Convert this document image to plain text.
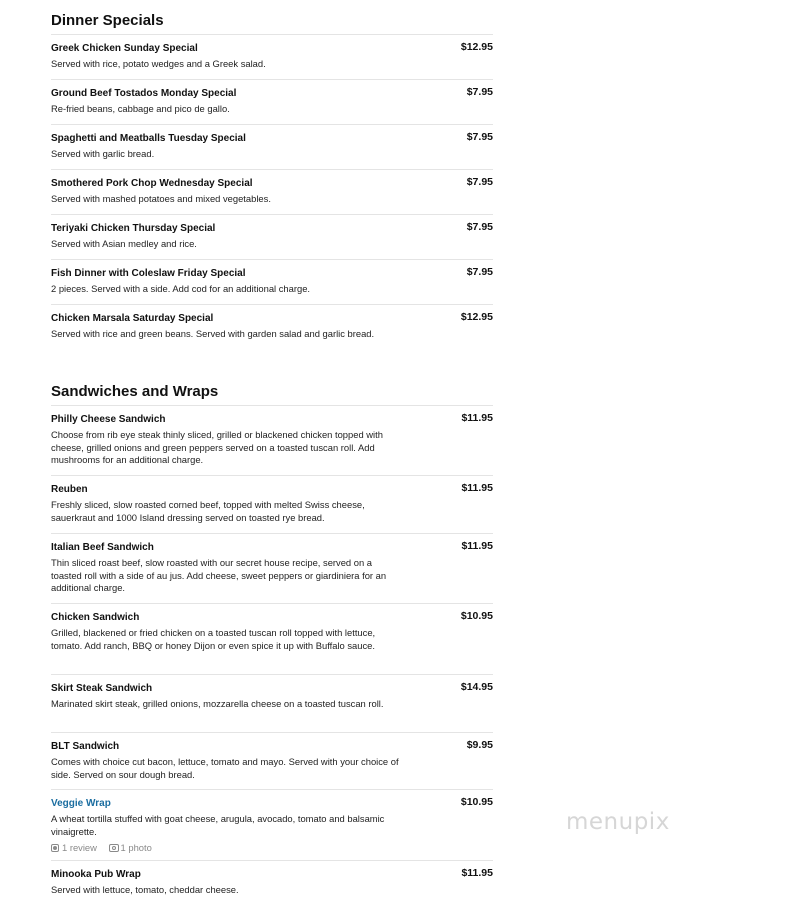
Dinner Specials
Greek Chicken Sunday Special	$12.95
Served with rice, potato wedges and a Greek salad.
Ground Beef Tostados Monday Special	$7.95
Re-fried beans, cabbage and pico de gallo.
Spaghetti and Meatballs Tuesday Special	$7.95
Served with garlic bread.
Smothered Pork Chop Wednesday Special	$7.95
Served with mashed potatoes and mixed vegetables.
Teriyaki Chicken Thursday Special	$7.95
Served with Asian medley and rice.
Fish Dinner with Coleslaw Friday Special	$7.95
2 pieces. Served with a side. Add cod for an additional charge.
Chicken Marsala Saturday Special	$12.95
Served with rice and green beans. Served with garden salad and garlic bread.
Sandwiches and Wraps
Philly Cheese Sandwich	$11.95
Choose from rib eye steak thinly sliced, grilled or blackened chicken topped with cheese, grilled onions and green peppers served on a toasted tuscan roll. Add mushrooms for an additional charge.
Reuben	$11.95
Freshly sliced, slow roasted corned beef, topped with melted Swiss cheese, sauerkraut and 1000 Island dressing served on toasted rye bread.
Italian Beef Sandwich	$11.95
Thin sliced roast beef, slow roasted with our secret house recipe, served on a toasted roll with a side of au jus. Add cheese, sweet peppers or giardiniera for an additional charge.
Chicken Sandwich	$10.95
Grilled, blackened or fried chicken on a toasted tuscan roll topped with lettuce, tomato. Add ranch, BBQ or honey Dijon or even spice it up with Buffalo sauce.
Skirt Steak Sandwich	$14.95
Marinated skirt steak, grilled onions, mozzarella cheese on a toasted tuscan roll.
BLT Sandwich	$9.95
Comes with choice cut bacon, lettuce, tomato and mayo. Served with your choice of side. Served on sour dough bread.
Veggie Wrap	$10.95
A wheat tortilla stuffed with goat cheese, arugula, avocado, tomato and balsamic vinaigrette.
1 review
	1 photo
Minooka Pub Wrap	$11.95
Served with lettuce, tomato, cheddar cheese.
menupix
